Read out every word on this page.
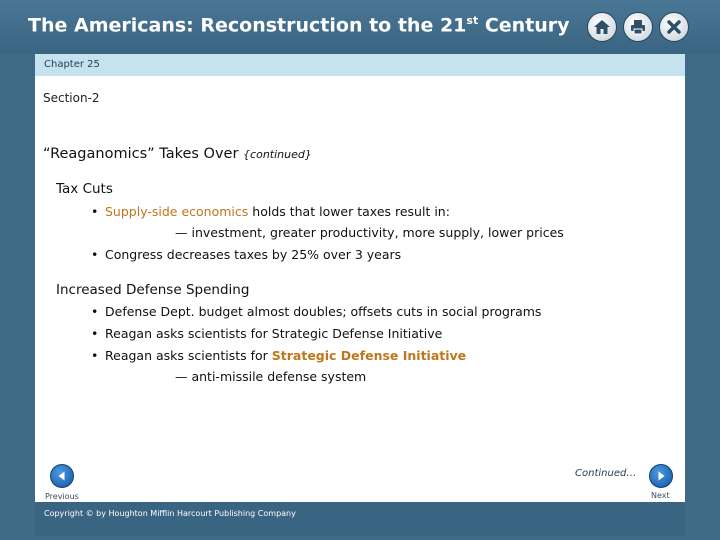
The Americans: Reconstruction to the 21st Century
Chapter 25
Section-2
“Reaganomics” Takes Over {continued}
Tax Cuts
• Supply-side economics holds that lower taxes result in:
— investment, greater productivity, more supply, lower prices
• Congress decreases taxes by 25% over 3 years
Increased Defense Spending
• Defense Dept. budget almost doubles; offsets cuts in social programs
• Reagan asks scientists for Strategic Defense Initiative
• Reagan asks scientists for Strategic Defense Initiative
— anti-missile defense system
Continued…
Previous	Next
Copyright © by Houghton Mifflin Harcourt Publishing Company
